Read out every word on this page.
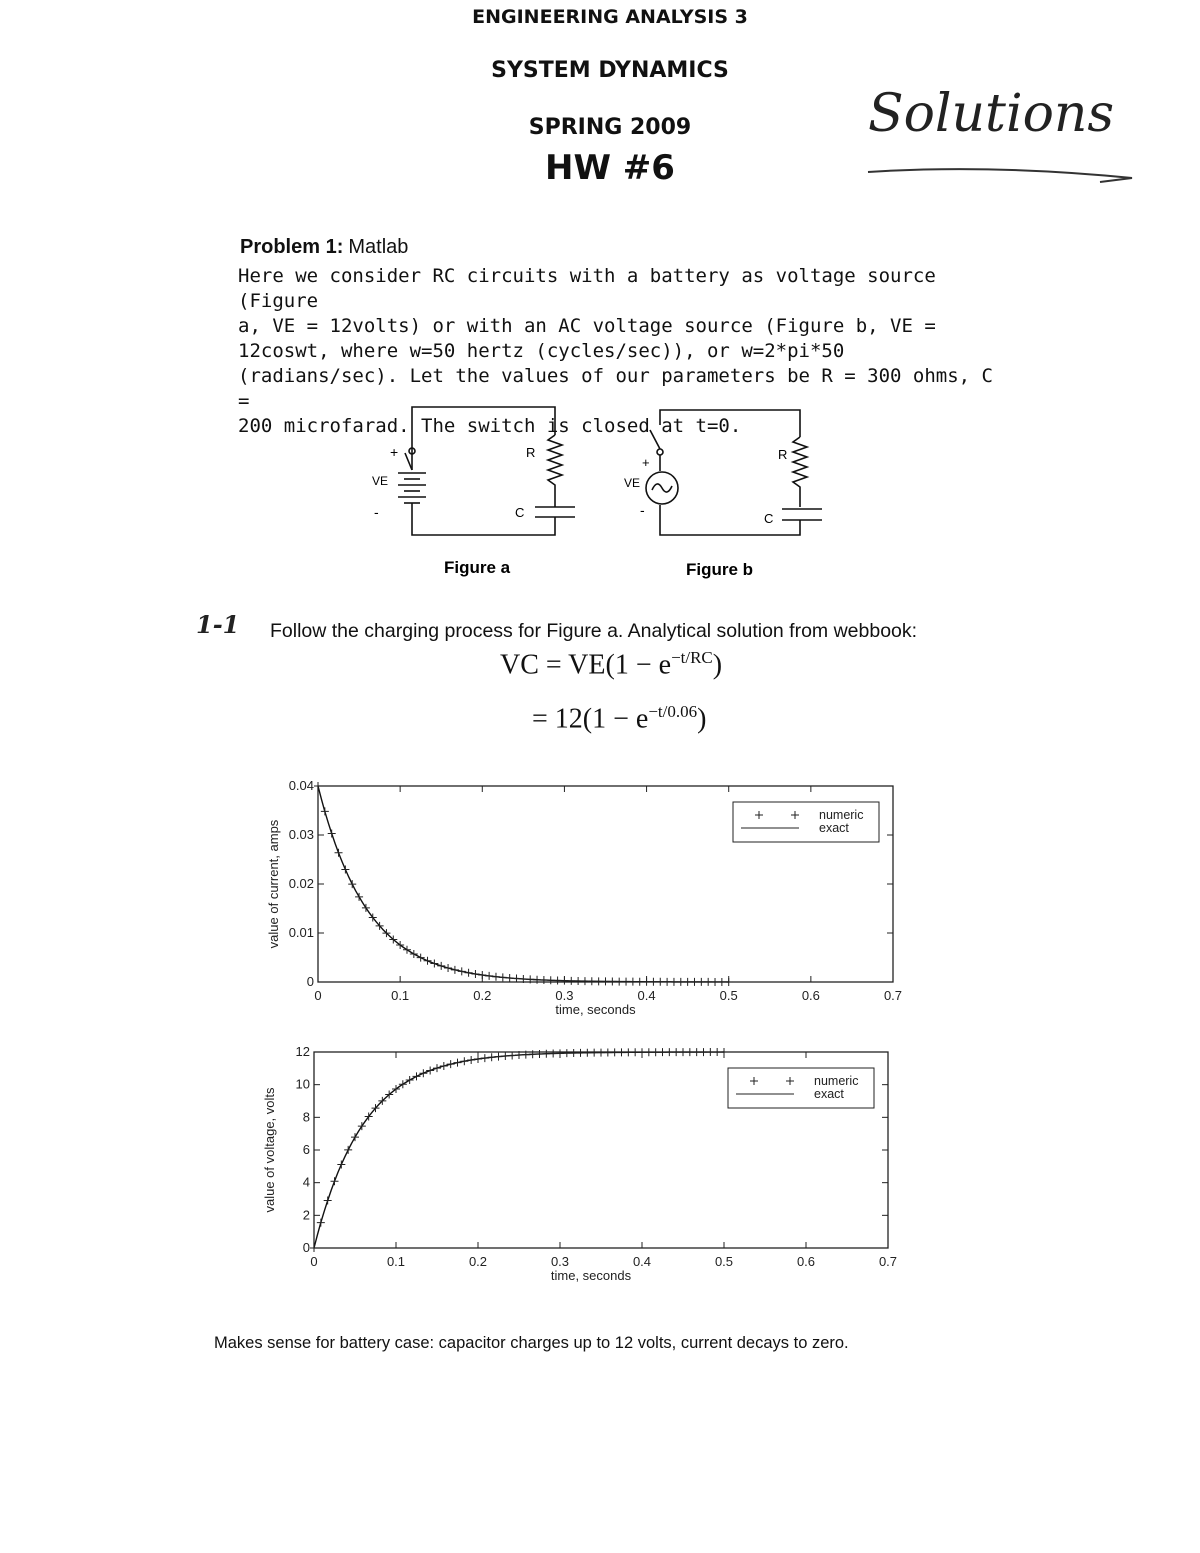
ENGINEERING ANALYSIS 3
SYSTEM DYNAMICS
SPRING 2009
HW #6
Solutions
Problem 1: Matlab
Here we consider RC circuits with a battery as voltage source (Figure
a, VE = 12volts) or with an AC voltage source (Figure b, VE =
12coswt, where w=50 hertz (cycles/sec)), or w=2*pi*50
(radians/sec). Let the values of our parameters be R = 300 ohms, C =
200 microfarad. The switch is closed at t=0.
+
VE
-
R
C
Figure a
+
VE
-
R
C
Figure b
1-1 Follow the charging process for Figure a. Analytical solution from webbook:
VC = $VE(1 - e^{-t/RC})$
= $12(1 - e^{-t/0.06})$
0	0.1	0.2	0.3	0.4	0.5	0.6	0.7
0
0.01
0.02
0.03
0.04
time, seconds
value of current, amps
numeric
exact
0	0.1	0.2	0.3	0.4	0.5	0.6	0.7
0
2
4
6
8
10
12
time, seconds
value of voltage, volts
numeric
exact
Makes sense for battery case: capacitor charges up to 12 volts, current decays to zero.
